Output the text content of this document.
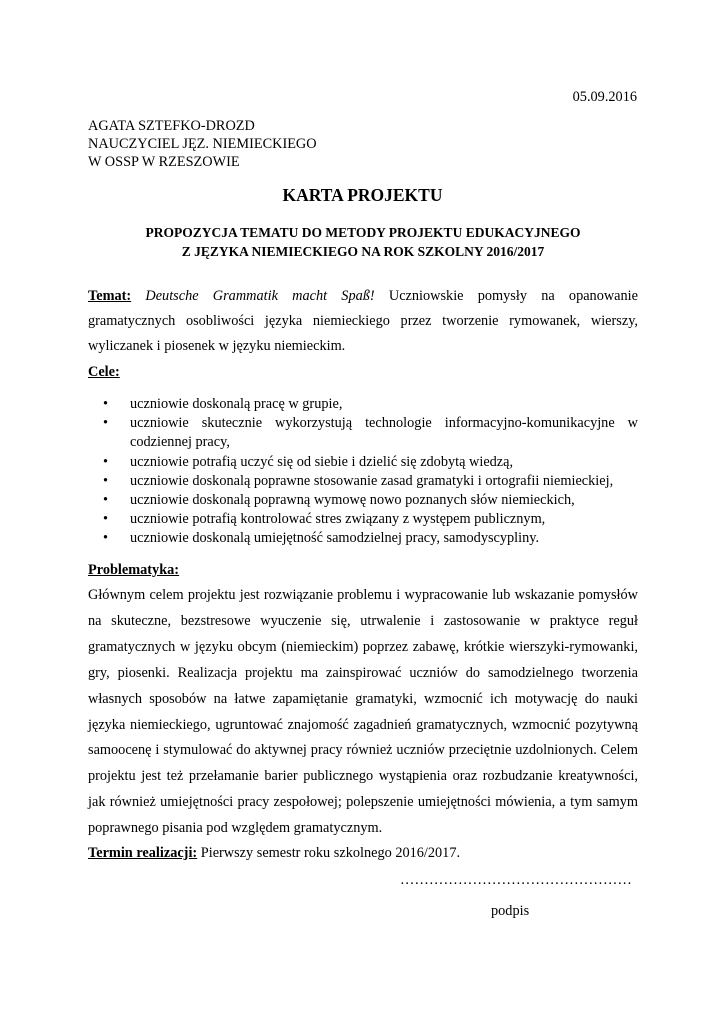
05.09.2016
AGATA SZTEFKO-DROZD
NAUCZYCIEL JĘZ. NIEMIECKIEGO
W OSSP W RZESZOWIE
KARTA PROJEKTU
PROPOZYCJA TEMATU DO METODY PROJEKTU EDUKACYJNEGO
Z JĘZYKA NIEMIECKIEGO NA ROK SZKOLNY 2016/2017
Temat: Deutsche Grammatik macht Spaß! Uczniowskie pomysły na opanowanie gramatycznych osobliwości języka niemieckiego przez tworzenie rymowanek, wierszy, wyliczanek i piosenek w języku niemieckim.
Cele:
• uczniowie doskonalą pracę w grupie,
• uczniowie skutecznie wykorzystują technologie informacyjno-komunikacyjne w codziennej pracy,
• uczniowie potrafią uczyć się od siebie i dzielić się zdobytą wiedzą,
• uczniowie doskonalą poprawne stosowanie zasad gramatyki i ortografii niemieckiej,
• uczniowie doskonalą poprawną wymowę nowo poznanych słów niemieckich,
• uczniowie potrafią kontrolować stres związany z występem publicznym,
• uczniowie doskonalą umiejętność samodzielnej pracy, samodyscypliny.
Problematyka:
Głównym celem projektu jest rozwiązanie problemu i wypracowanie lub wskazanie pomysłów na skuteczne, bezstresowe wyuczenie się, utrwalenie i zastosowanie w praktyce reguł gramatycznych w języku obcym (niemieckim) poprzez zabawę, krótkie wierszyki-rymowanki, gry, piosenki. Realizacja projektu ma zainspirować uczniów do samodzielnego tworzenia własnych sposobów na łatwe zapamiętanie gramatyki, wzmocnić ich motywację do nauki języka niemieckiego, ugruntować znajomość zagadnień gramatycznych, wzmocnić pozytywną samoocenę i stymulować do aktywnej pracy również uczniów przeciętnie uzdolnionych. Celem projektu jest też przełamanie barier publicznego wystąpienia oraz rozbudzanie kreatywności, jak również umiejętności pracy zespołowej; polepszenie umiejętności mówienia, a tym samym poprawnego pisania pod względem gramatycznym.
Termin realizacji: Pierwszy semestr roku szkolnego 2016/2017.
…………………………………………
podpis
